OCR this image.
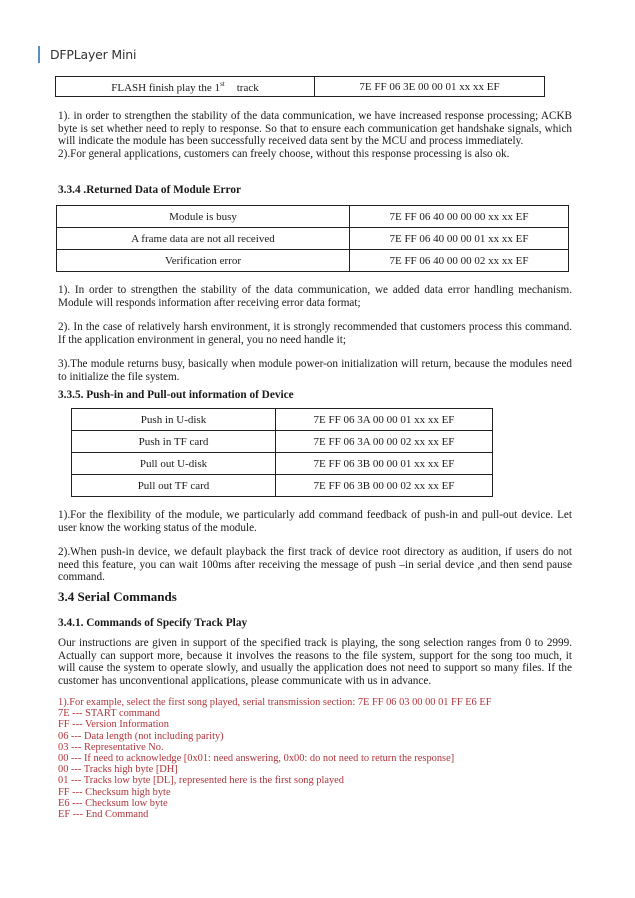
DFPLayer Mini
FLASH finish play the 1st track	7E FF 06 3E 00 00 01 xx xx EF
1). in order to strengthen the stability of the data communication, we have increased response processing; ACKB byte is set whether need to reply to response. So that to ensure each communication get handshake signals, which will indicate the module has been successfully received data sent by the MCU and process immediately.
2).For general applications, customers can freely choose, without this response processing is also ok.
3.3.4 .Returned Data of Module Error
Module is busy	7E FF 06 40 00 00 00 xx xx EF
A frame data are not all received	7E FF 06 40 00 00 01 xx xx EF
Verification error	7E FF 06 40 00 00 02 xx xx EF
1). In order to strengthen the stability of the data communication, we added data error handling mechanism. Module will responds information after receiving error data format;
2). In the case of relatively harsh environment, it is strongly recommended that customers process this command. If the application environment in general, you no need handle it;
3).The module returns busy, basically when module power-on initialization will return, because the modules need to initialize the file system.
3.3.5. Push-in and Pull-out information of Device
Push in U-disk	7E FF 06 3A 00 00 01 xx xx EF
Push in TF card	7E FF 06 3A 00 00 02 xx xx EF
Pull out U-disk	7E FF 06 3B 00 00 01 xx xx EF
Pull out TF card	7E FF 06 3B 00 00 02 xx xx EF
1).For the flexibility of the module, we particularly add command feedback of push-in and pull-out device. Let user know the working status of the module.
2).When push-in device, we default playback the first track of device root directory as audition, if users do not need this feature, you can wait 100ms after receiving the message of push –in serial device ,and then send pause command.
3.4 Serial Commands
3.4.1. Commands of Specify Track Play
Our instructions are given in support of the specified track is playing, the song selection ranges from 0 to 2999. Actually can support more, because it involves the reasons to the file system, support for the song too much, it will cause the system to operate slowly, and usually the application does not need to support so many files. If the customer has unconventional applications, please communicate with us in advance.
1).For example, select the first song played, serial transmission section: 7E FF 06 03 00 00 01 FF E6 EF
7E --- START command
FF --- Version Information
06 --- Data length (not including parity)
03 --- Representative No.
00 --- If need to acknowledge [0x01: need answering, 0x00: do not need to return the response]
00 --- Tracks high byte [DH]
01 --- Tracks low byte [DL], represented here is the first song played
FF --- Checksum high byte
E6 --- Checksum low byte
EF --- End Command
